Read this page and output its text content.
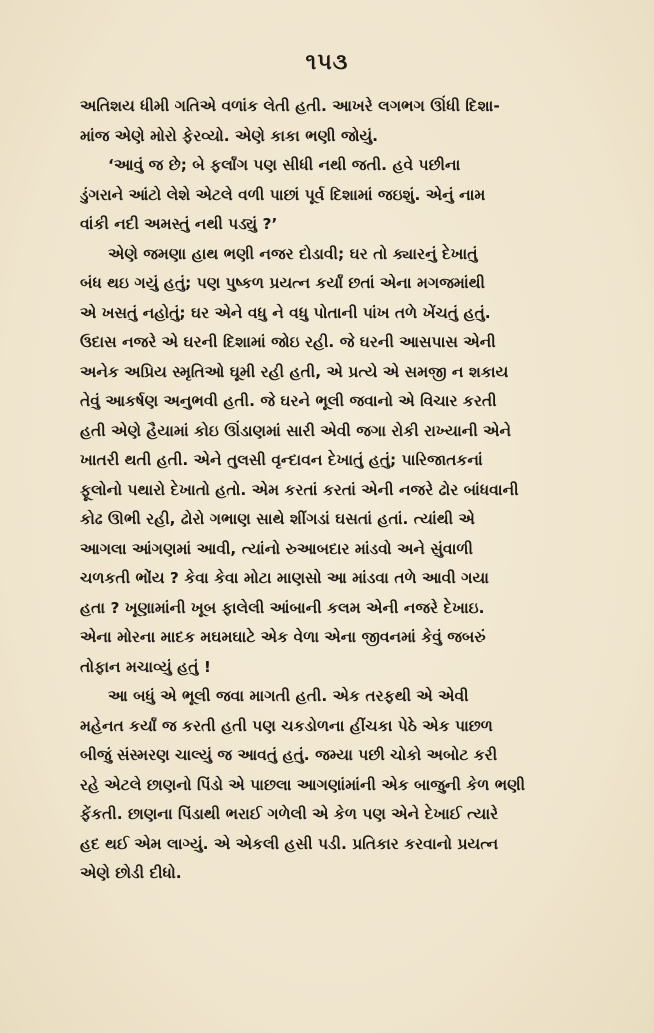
૧૫૩

અતિશય ધીમી ગતિએ વળાંક લેતી હતી. આખરે લગભગ ઊંધી દિશા-
માંજ એણે મોરો ફેરવ્યો. એણે કાકા ભણી જોયું.

‘આવું જ છે; બે ફર્લાંગ પણ સીધી નથી જતી. હવે પછીના
ડુંગરાને આંટો લેશે એટલે વળી પાછાં પૂર્વ દિશામાં જઇશું. એનું નામ
વાંકી નદી અમસ્તું નથી પડ્યું ?’

એણે જમણા હાથ ભણી નજર દોડાવી; ઘર તો ક્યારનું દેખાતું
બંધ થઇ ગયું હતું; પણ પુષ્કળ પ્રયત્ન કર્યાં છતાં એના મગજમાંથી
એ ખસતું નહોતું; ઘર એને વધુ ને વધુ પોતાની પાંખ તળે ખેંચતું હતું.
ઉદાસ નજરે એ ઘરની દિશામાં જોઇ રહી. જે ઘરની આસપાસ એની
અનેક અપ્રિય સ્મૃતિઓ ઘૂમી રહી હતી, એ પ્રત્યે એ સમજી ન શકાય
તેવું આકર્ષણ અનુભવી હતી. જે ઘરને ભૂલી જવાનો એ વિચાર કરતી
હતી એણે હૈયામાં કોઇ ઊંડાણમાં સારી એવી જગા રોકી રાખ્યાની એને
ખાતરી થતી હતી. એને તુલસી વૃન્દાવન દેખાતું હતું; પારિજાતકનાં
ફૂલોનો પથારો દેખાતો હતો. એમ કરતાં કરતાં એની નજરે ઢોર બાંધવાની
કોઢ ઊભી રહી, ઢોરો ગભાણ સાથે શીંગડાં ઘસતાં હતાં. ત્યાંથી એ
આગલા આંગણમાં આવી, ત્યાંનો રુઆબદાર માંડવો અને સુંવાળી
ચળકતી ભોંય ? કેવા કેવા મોટા માણસો આ માંડવા તળે આવી ગયા
હતા ? ખૂણામાંની ખૂબ ફાલેલી આંબાની કલમ એની નજરે દેખાઇ.
એના મોરના માદક મઘમઘાટે એક વેળા એના જીવનમાં કેવું જબરું
તોફાન મચાવ્યું હતું !

આ બધું એ ભૂલી જવા માગતી હતી. એક તરફથી એ એવી
મહેનત કર્યાં જ કરતી હતી પણ ચકડોળના હીંચકા પેઠે એક પાછળ
બીજું સંસ્મરણ ચાલ્યું જ આવતું હતું. જમ્યા પછી ચોકો અબોટ કરી
રહે એટલે છાણનો પિંડો એ પાછલા આગણાંમાંની એક બાજુની કેળ ભણી
ફેંકતી. છાણના પિંડાથી ભરાઈ ગળેલી એ કેળ પણ એને દેખાઈ ત્યારે
હદ થઈ એમ લાગ્યું. એ એકલી હસી પડી. પ્રતિકાર કરવાનો પ્રયત્ન
એણે છોડી દીધો.
